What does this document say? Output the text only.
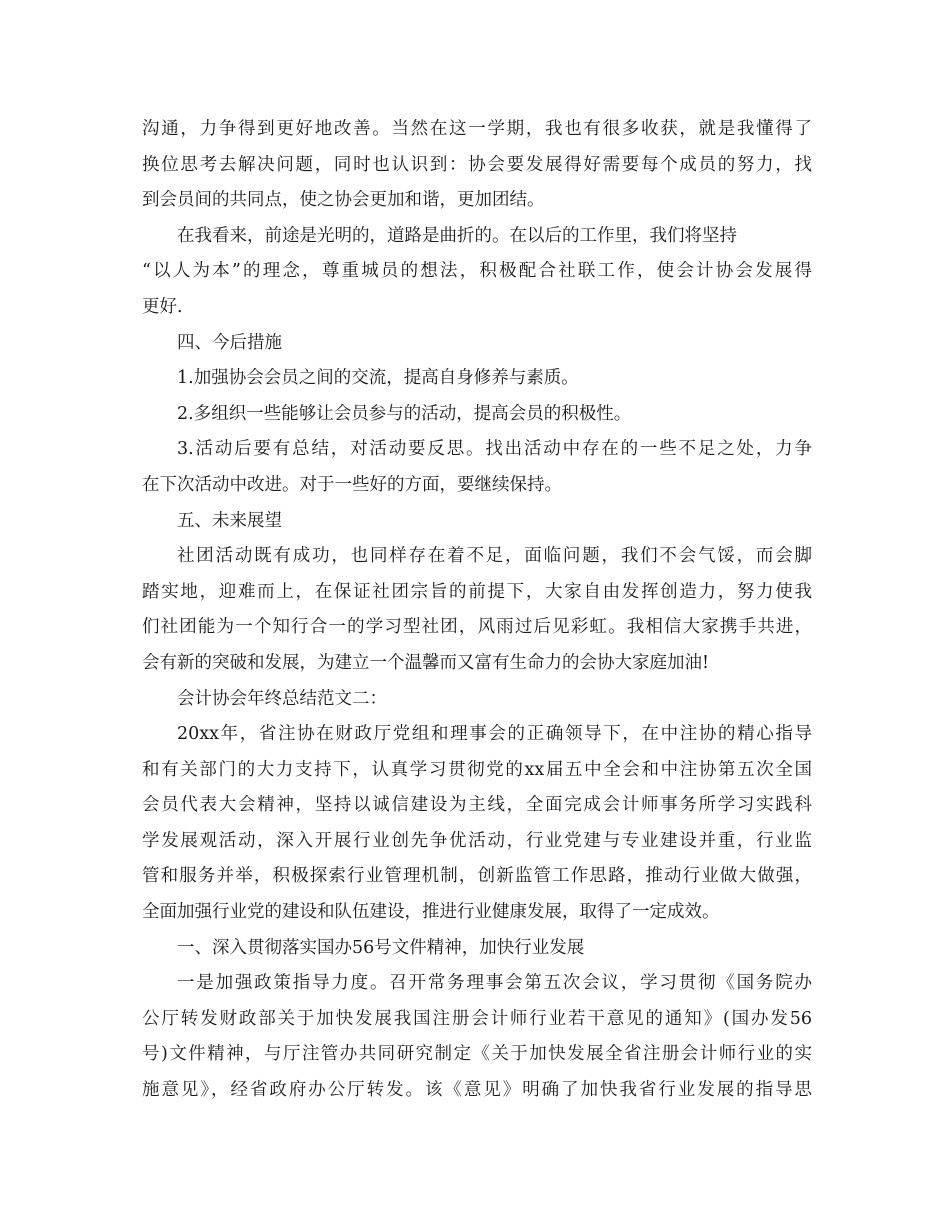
沟通，力争得到更好地改善。当然在这一学期，我也有很多收获，就是我懂得了
换位思考去解决问题，同时也认识到：协会要发展得好需要每个成员的努力，找
到会员间的共同点，使之协会更加和谐，更加团结。
在我看来，前途是光明的，道路是曲折的。在以后的工作里，我们将坚持
“以人为本”的理念，尊重城员的想法，积极配合社联工作，使会计协会发展得
更好.
四、今后措施
1.加强协会会员之间的交流，提高自身修养与素质。
2.多组织一些能够让会员参与的活动，提高会员的积极性。
3.活动后要有总结，对活动要反思。找出活动中存在的一些不足之处，力争
在下次活动中改进。对于一些好的方面，要继续保持。
五、未来展望
社团活动既有成功，也同样存在着不足，面临问题，我们不会气馁，而会脚
踏实地，迎难而上，在保证社团宗旨的前提下，大家自由发挥创造力，努力使我
们社团能为一个知行合一的学习型社团，风雨过后见彩虹。我相信大家携手共进，
会有新的突破和发展，为建立一个温馨而又富有生命力的会协大家庭加油!
会计协会年终总结范文二：
20xx年，省注协在财政厅党组和理事会的正确领导下，在中注协的精心指导
和有关部门的大力支持下，认真学习贯彻党的xx届五中全会和中注协第五次全国
会员代表大会精神，坚持以诚信建设为主线，全面完成会计师事务所学习实践科
学发展观活动，深入开展行业创先争优活动，行业党建与专业建设并重，行业监
管和服务并举，积极探索行业管理机制，创新监管工作思路，推动行业做大做强，
全面加强行业党的建设和队伍建设，推进行业健康发展，取得了一定成效。
一、深入贯彻落实国办56号文件精神，加快行业发展
一是加强政策指导力度。召开常务理事会第五次会议，学习贯彻《国务院办
公厅转发财政部关于加快发展我国注册会计师行业若干意见的通知》(国办发56
号)文件精神，与厅注管办共同研究制定《关于加快发展全省注册会计师行业的实
施意见》，经省政府办公厅转发。该《意见》明确了加快我省行业发展的指导思
